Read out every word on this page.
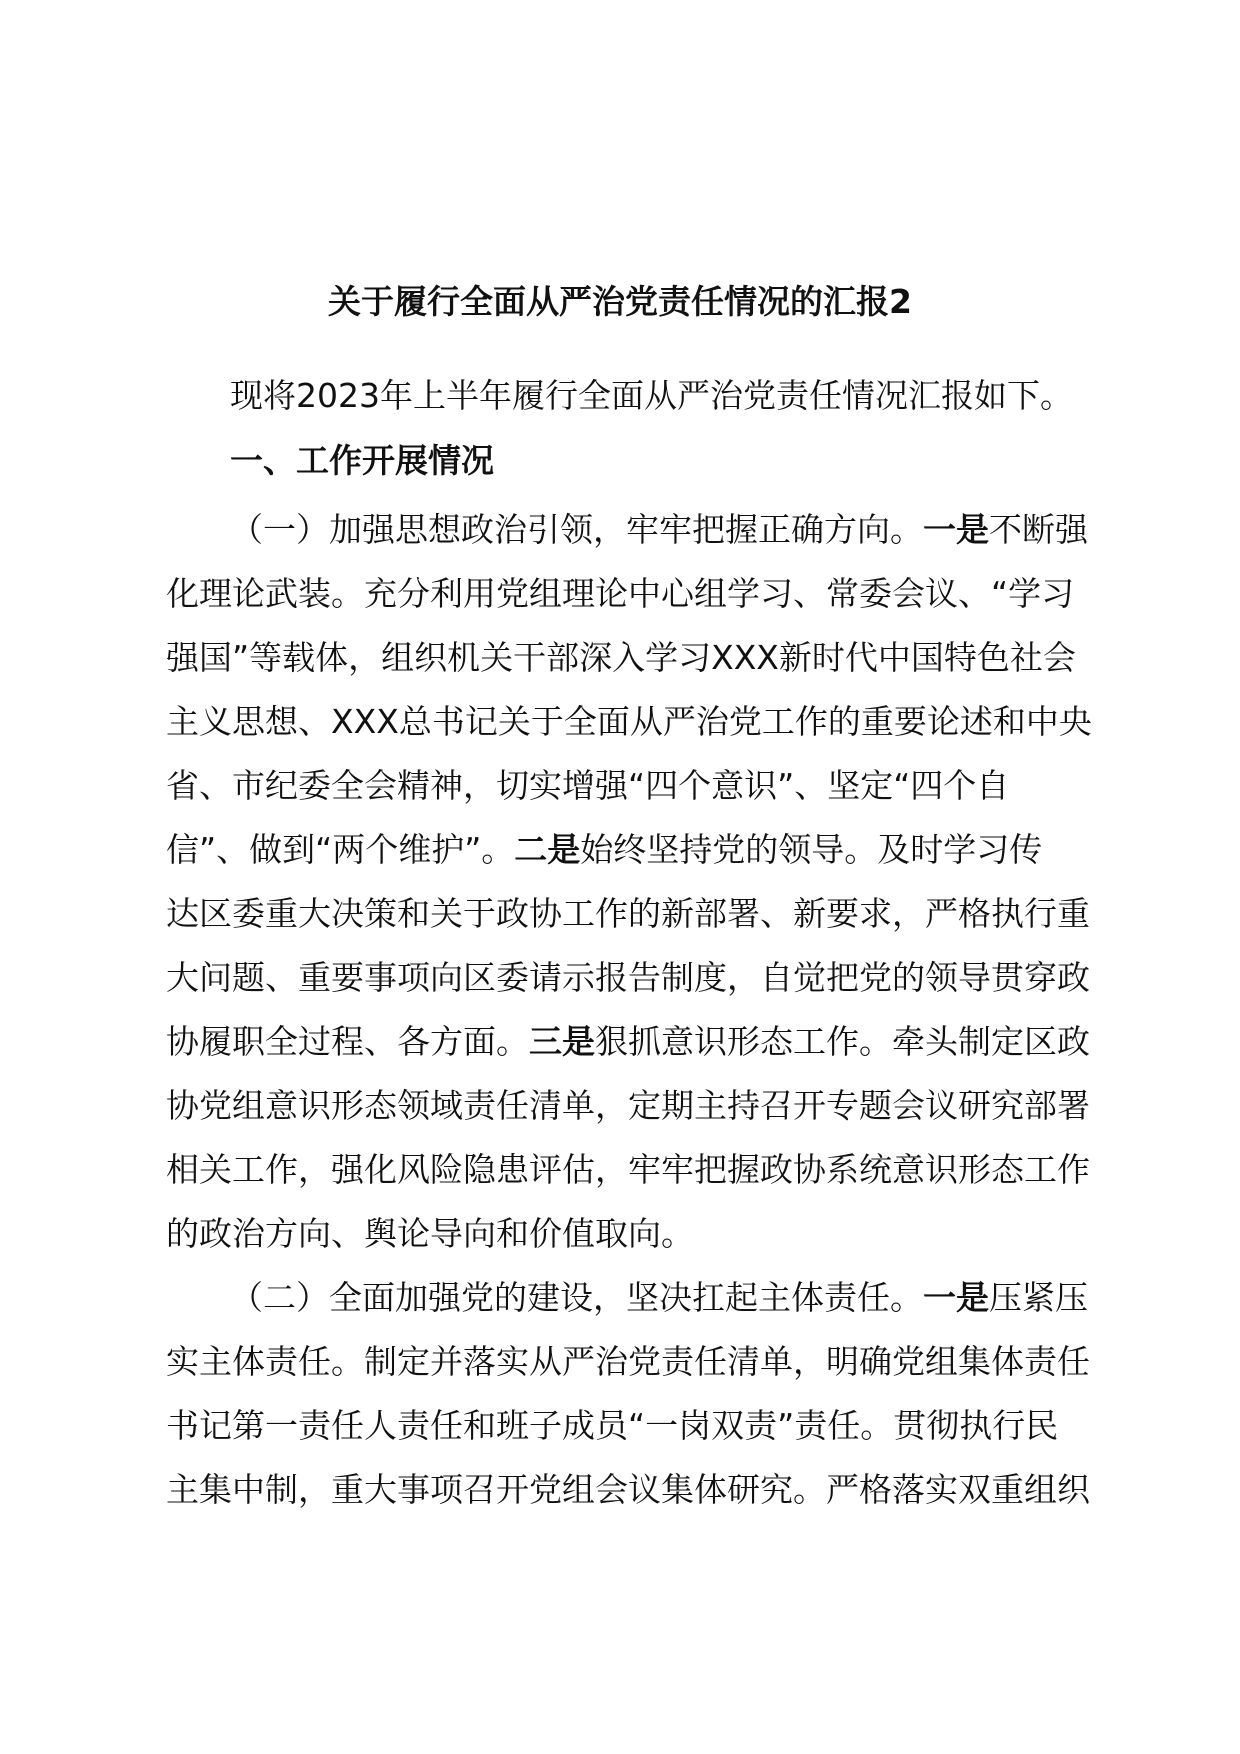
关于履行全面从严治党责任情况的汇报2
现将2023年上半年履行全面从严治党责任情况汇报如下。
一、工作开展情况
（一）加强思想政治引领，牢牢把握正确方向。一是不断强
化理论武装。充分利用党组理论中心组学习、常委会议、“学习
强国”等载体，组织机关干部深入学习XXX新时代中国特色社会
主义思想、XXX总书记关于全面从严治党工作的重要论述和中央
省、市纪委全会精神，切实增强“四个意识”、坚定“四个自
信”、做到“两个维护”。二是始终坚持党的领导。及时学习传
达区委重大决策和关于政协工作的新部署、新要求，严格执行重
大问题、重要事项向区委请示报告制度，自觉把党的领导贯穿政
协履职全过程、各方面。三是狠抓意识形态工作。牵头制定区政
协党组意识形态领域责任清单，定期主持召开专题会议研究部署
相关工作，强化风险隐患评估，牢牢把握政协系统意识形态工作
的政治方向、舆论导向和价值取向。
（二）全面加强党的建设，坚决扛起主体责任。一是压紧压
实主体责任。制定并落实从严治党责任清单，明确党组集体责任
书记第一责任人责任和班子成员“一岗双责”责任。贯彻执行民
主集中制，重大事项召开党组会议集体研究。严格落实双重组织
